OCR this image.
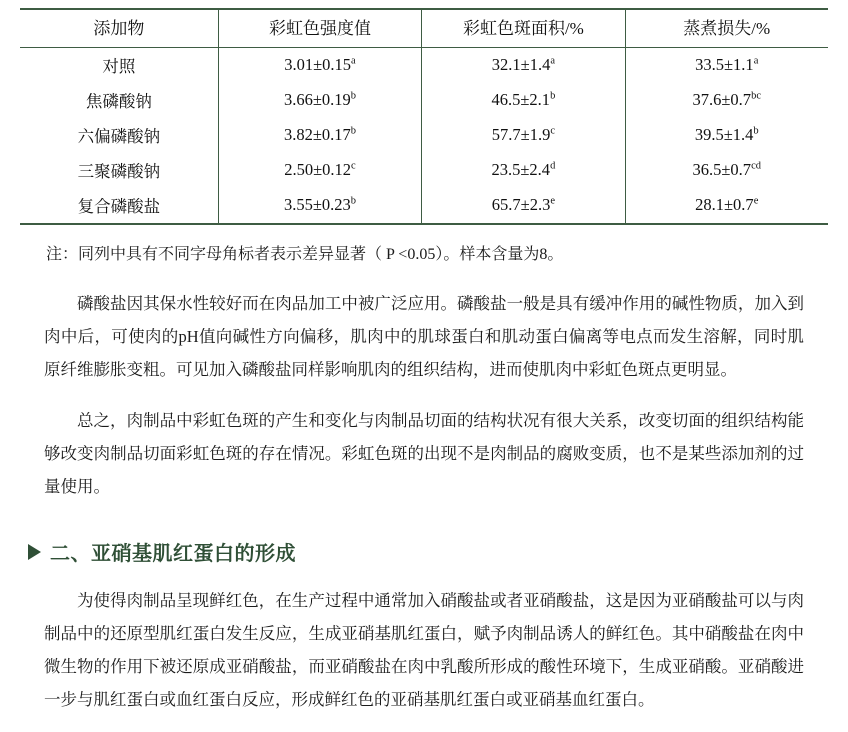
添加物	彩虹色强度值	彩虹色斑面积/%	蒸煮损失/%
对照	3.01±0.15$^a$	32.1±1.4$^a$	33.5±1.1$^a$
焦磷酸钠	3.66±0.19$^b$	46.5±2.1$^b$	37.6±0.7$^{bc}$
六偏磷酸钠	3.82±0.17$^b$	57.7±1.9$^c$	39.5±1.4$^b$
三聚磷酸钠	2.50±0.12$^c$	23.5±2.4$^d$	36.5±0.7$^{cd}$
复合磷酸盐	3.55±0.23$^b$	65.7±2.3$^e$	28.1±0.7$^e$
注：同列中具有不同字母角标者表示差异显著（ P <0.05）。样本含量为8。

磷酸盐因其保水性较好而在肉品加工中被广泛应用。磷酸盐一般是具有缓冲作用的碱性物质，加入到肉中后，可使肉的pH值向碱性方向偏移，肌肉中的肌球蛋白和肌动蛋白偏离等电点而发生溶解，同时肌原纤维膨胀变粗。可见加入磷酸盐同样影响肌肉的组织结构，进而使肌肉中彩虹色斑点更明显。

总之，肉制品中彩虹色斑的产生和变化与肉制品切面的结构状况有很大关系，改变切面的组织结构能够改变肉制品切面彩虹色斑的存在情况。彩虹色斑的出现不是肉制品的腐败变质，也不是某些添加剂的过量使用。

二、亚硝基肌红蛋白的形成

为使得肉制品呈现鲜红色，在生产过程中通常加入硝酸盐或者亚硝酸盐，这是因为亚硝酸盐可以与肉制品中的还原型肌红蛋白发生反应，生成亚硝基肌红蛋白，赋予肉制品诱人的鲜红色。其中硝酸盐在肉中微生物的作用下被还原成亚硝酸盐，而亚硝酸盐在肉中乳酸所形成的酸性环境下，生成亚硝酸。亚硝酸进一步与肌红蛋白或血红蛋白反应，形成鲜红色的亚硝基肌红蛋白或亚硝基血红蛋白。
